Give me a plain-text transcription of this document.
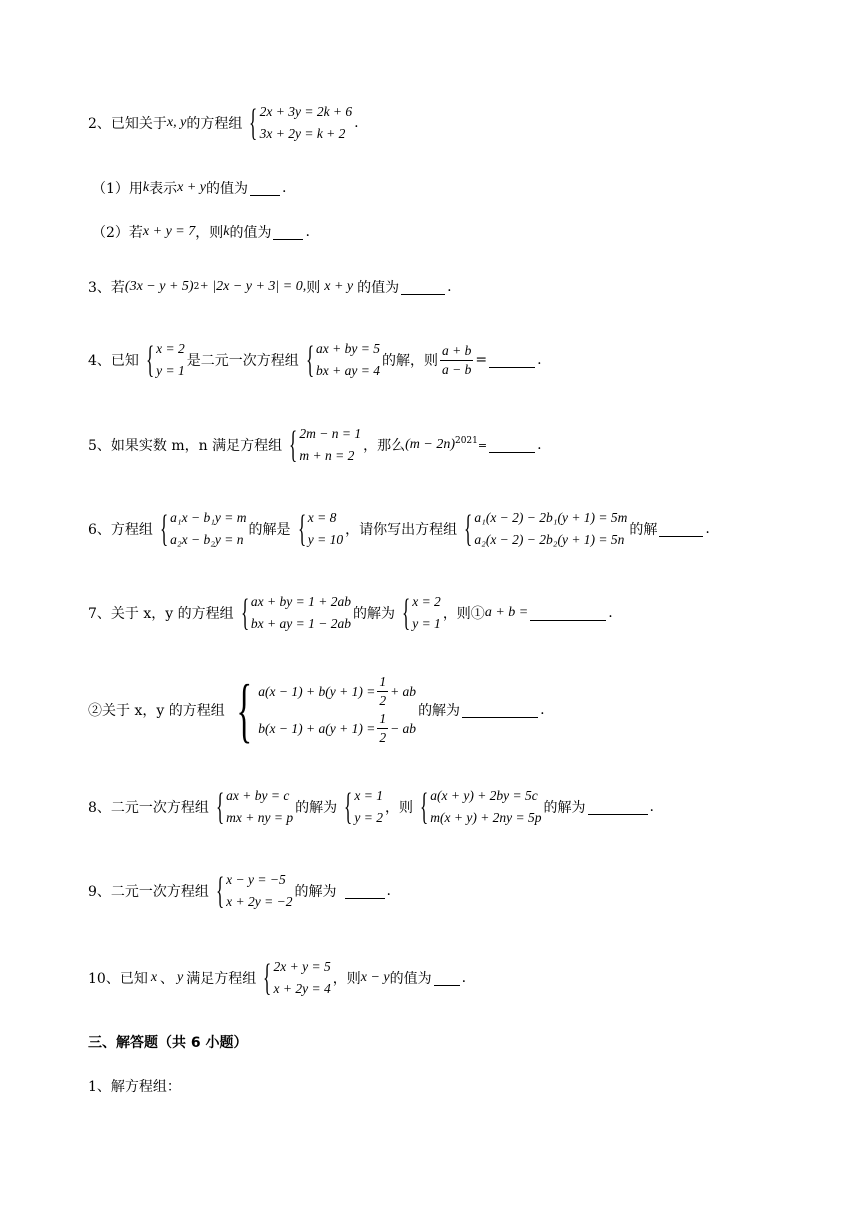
2、已知关于 x, y 的方程组 { 2x + 3y = 2k + 6
3x + 2y = k + 2
.
（1）用 k 表示 x + y 的值为 .
（2）若 x + y = 7 ，则 k 的值为 .
3、若 (3x − y + 5) 2 + |2x − y + 3| = 0, 则 x + y 的值为	.
4、已知 { x = 2
y = 1
是二元一次方程组 { ax + by = 5
bx + ay = 4
的解，则 $\frac{a + b}{a - b}$ =	.
5、如果实数 m，n 满足方程组 { 2m − n = 1
m + n = 2
，那么 $(m - 2n)^{2021}$ =	.
6、方程组 { a₁x − b₁y = m
a₂x − b₂y = n
的解是 { x = 8
y = 10
，请你写出方程组 { a₁(x − 2) − 2b₁(y + 1) = 5m
a₂(x − 2) − 2b₂(y + 1) = 5n
的解	.
7、关于 x，y 的方程组 { ax + by = 1 + 2ab
bx + ay = 1 − 2ab
的解为 { x = 2
y = 1
，则① a + b =	.
②关于 x，y 的方程组 { $a(x - 1) + b(y + 1) = \frac{1}{2}$ + ab
$b(x - 1) + a(y + 1) = \frac{1}{2}$ − ab
的解为	.
8、二元一次方程组 { ax + by = c
mx + ny = p
的解为 { x = 1
y = 2
，则 { a(x + y) + 2by = 5c
m(x + y) + 2ny = 5p
的解为	.
9、二元一次方程组 { x − y = −5
x + 2y = −2
的解为	.
10、已知 x 、 y 满足方程组 { 2x + y = 5
x + 2y = 4
，则 x − y 的值为 .
三、解答题（共 6 小题）
1、解方程组：
